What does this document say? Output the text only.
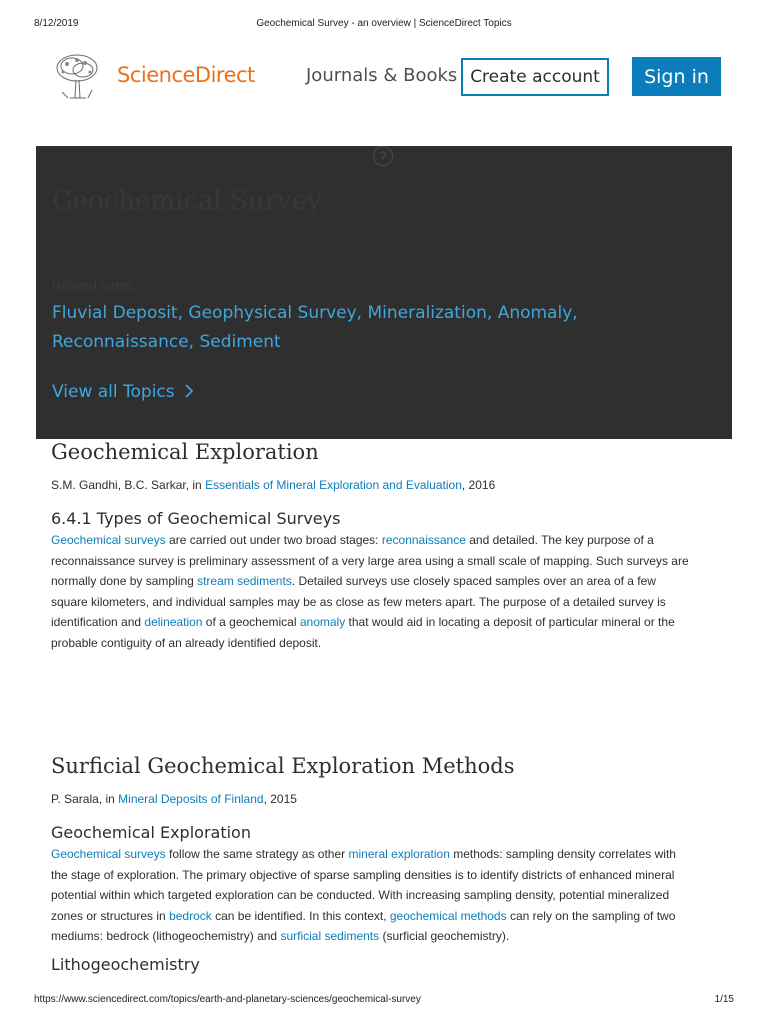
8/12/2019	Geochemical Survey - an overview | ScienceDirect Topics
ScienceDirect	Journals & Books Create account	Sign in
?
Geochemical Survey
Related terms:
Fluvial Deposit, Geophysical Survey, Mineralization, Anomaly, Reconnaissance, Sediment
View all Topics
Geochemical Exploration
S.M. Gandhi, B.C. Sarkar, in Essentials of Mineral Exploration and Evaluation, 2016
6.4.1 Types of Geochemical Surveys

Geochemical surveys are carried out under two broad stages: reconnaissance and detailed. The key purpose of a reconnaissance survey is preliminary assessment of a very large area using a small scale of mapping. Such surveys are normally done by sampling stream sediments. Detailed surveys use closely spaced samples over an area of a few square kilometers, and individual samples may be as close as few meters apart. The purpose of a detailed survey is identification and delineation of a geochemical anomaly that would aid in locating a deposit of particular mineral or the probable contiguity of an already identified deposit.

Surficial Geochemical Exploration Methods
P. Sarala, in Mineral Deposits of Finland, 2015
Geochemical Exploration

Geochemical surveys follow the same strategy as other mineral exploration methods: sampling density correlates with the stage of exploration. The primary objective of sparse sampling densities is to identify districts of enhanced mineral potential within which targeted exploration can be conducted. With increasing sampling density, potential mineralized zones or structures in bedrock can be identified. In this context, geochemical methods can rely on the sampling of two mediums: bedrock (lithogeochemistry) and surficial sediments (surficial geochemistry).

Lithogeochemistry
https://www.sciencedirect.com/topics/earth-and-planetary-sciences/geochemical-survey	1/15
